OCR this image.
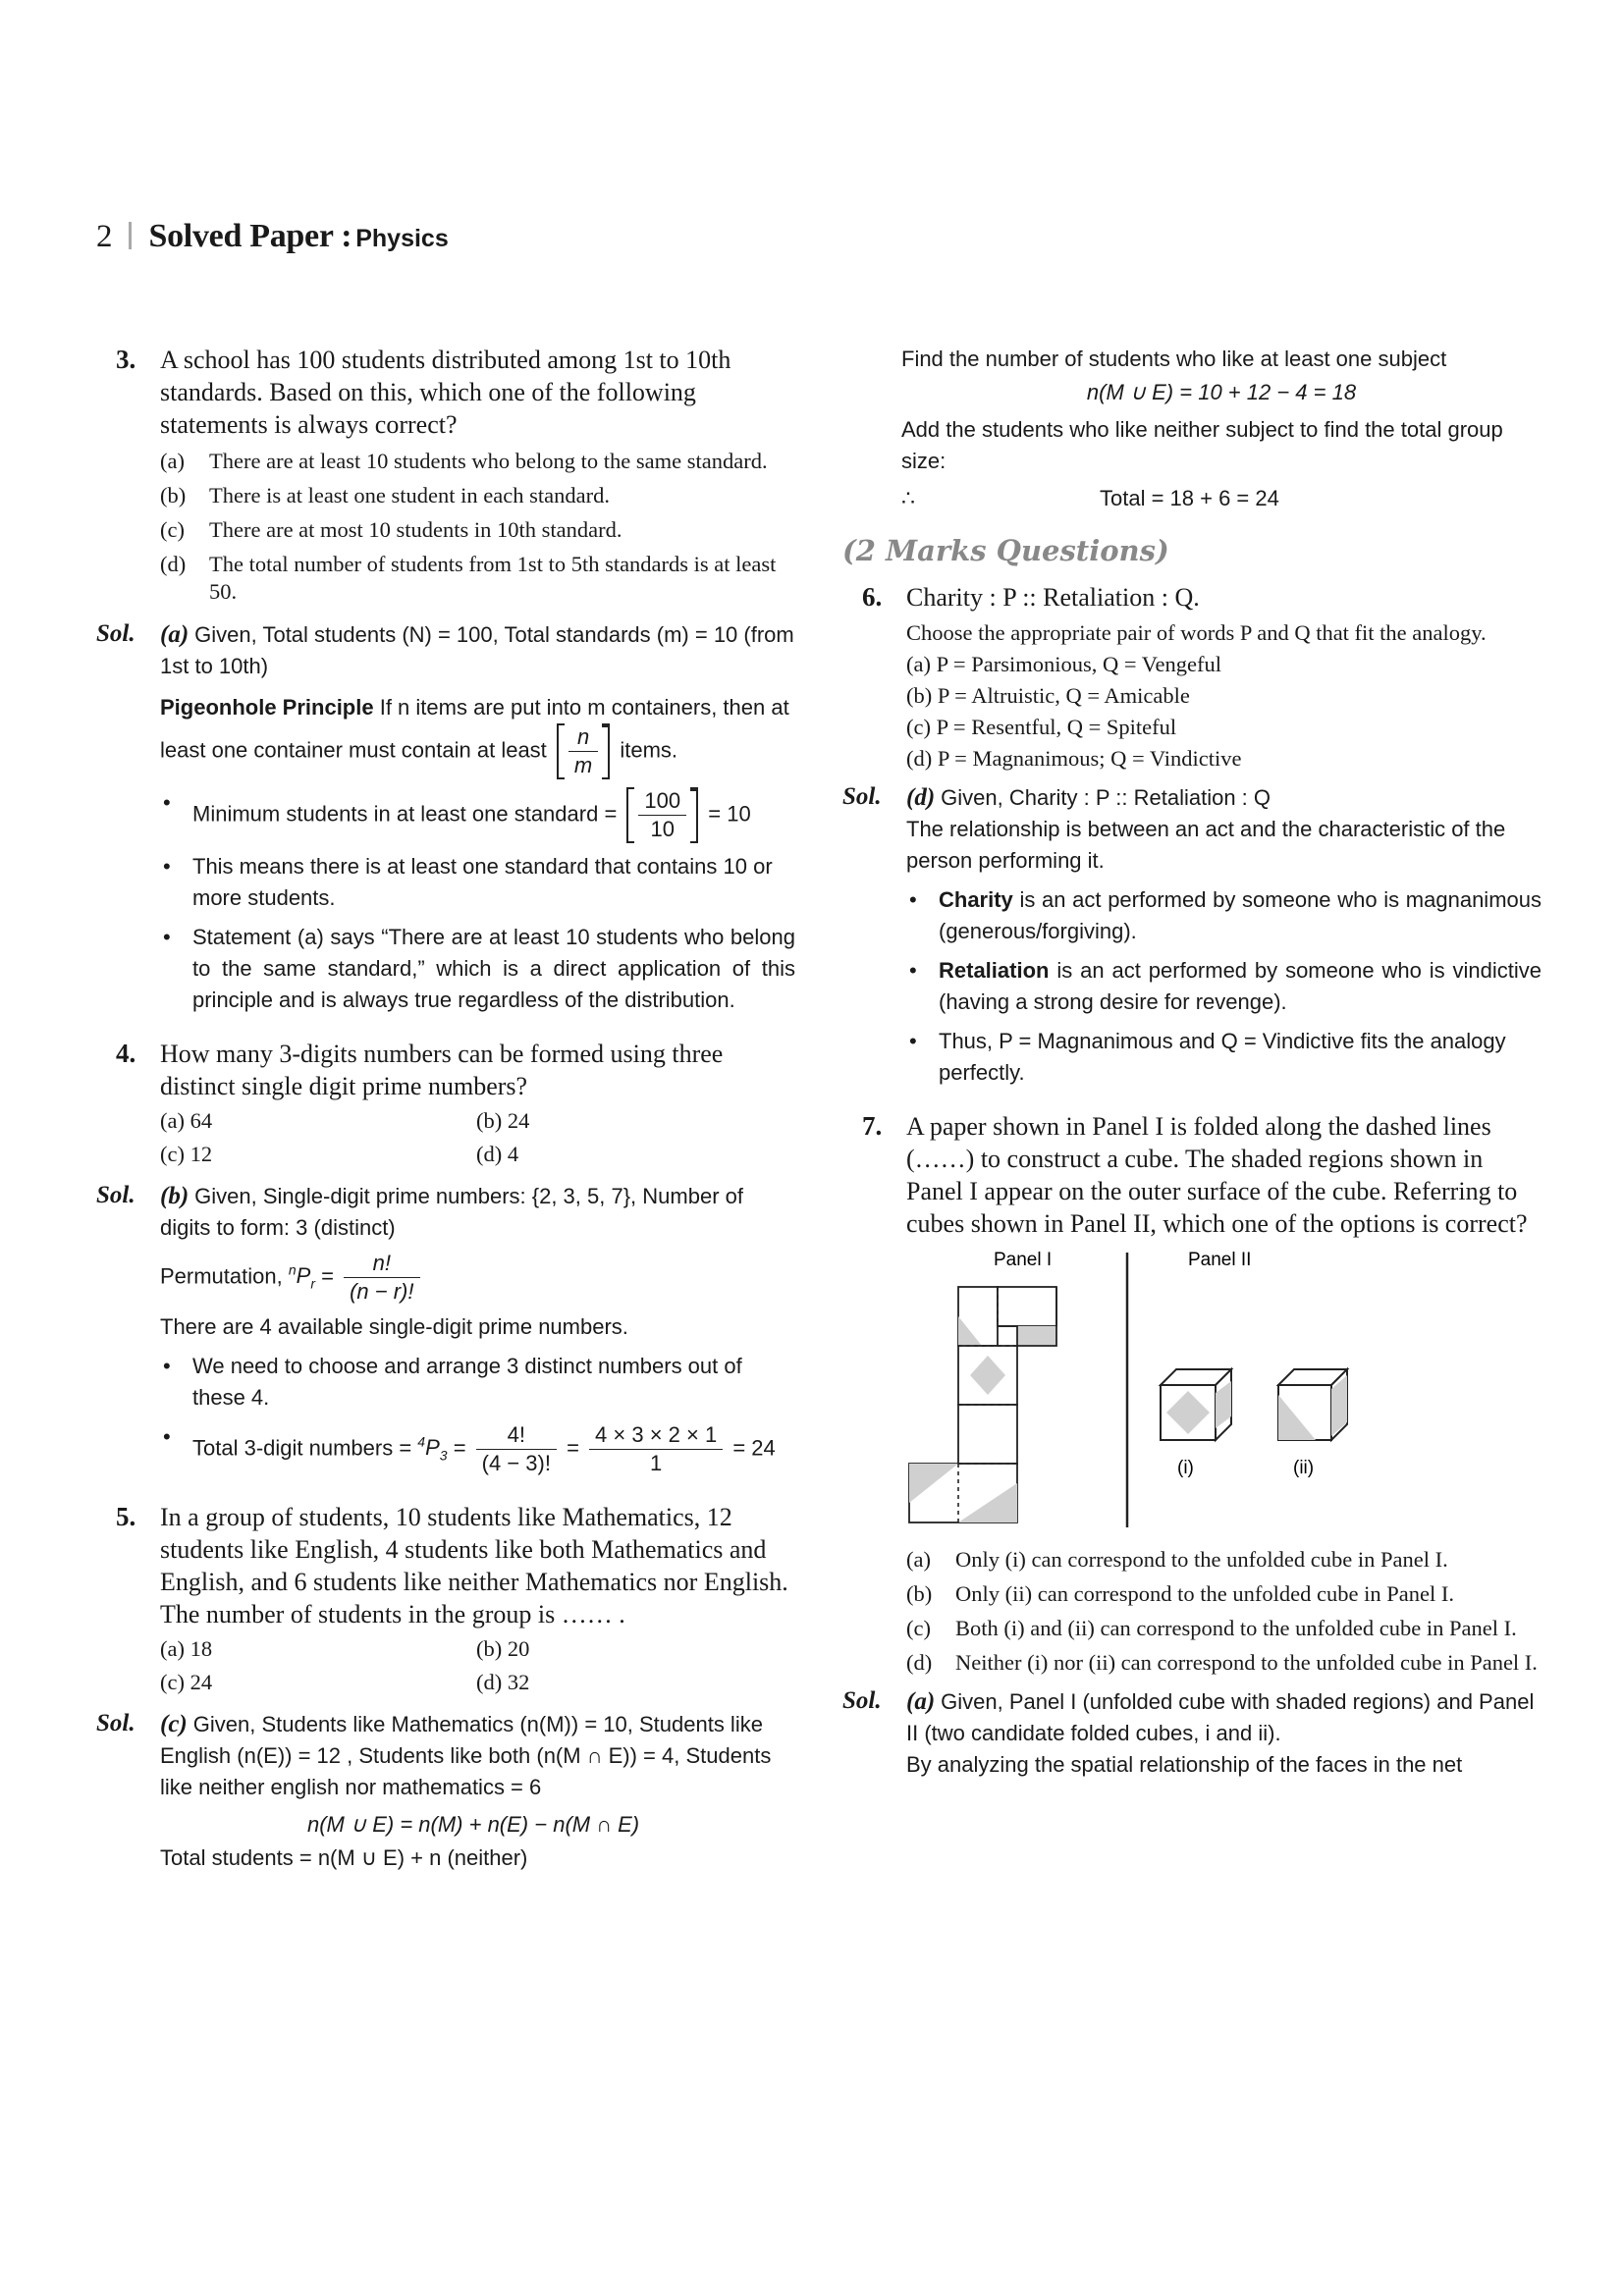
2 Solved Paper : Physics
3. A school has 100 students distributed among 1st to 10th standards. Based on this, which one of the following statements is always correct?
(a) There are at least 10 students who belong to the same standard.
(b) There is at least one student in each standard.
(c) There are at most 10 students in 10th standard.
(d) The total number of students from 1st to 5th standards is at least 50.
Sol. (a) Given, Total students (N) = 100, Total standards (m) = 10 (from 1st to 10th)
Pigeonhole Principle If n items are put into m containers, then at least one container must contain at least $\frac{n}{m}$ items.
• Minimum students in at least one standard = $\frac{100}{10} = 10$
• This means there is at least one standard that contains 10 or more students.
• Statement (a) says “There are at least 10 students who belong to the same standard,” which is a direct application of this principle and is always true regardless of the distribution.
4. How many 3-digits numbers can be formed using three distinct single digit prime numbers?
(a) 64	(b) 24
(c) 12	(d) 4
Sol. (b) Given, Single-digit prime numbers: {2, 3, 5, 7}, Number of digits to form: 3 (distinct)
Permutation, $^nP_r = \frac{n!}{(n - r)!}$
There are 4 available single-digit prime numbers.
• We need to choose and arrange 3 distinct numbers out of these 4.
• Total 3-digit numbers = $^4P_3 = \frac{4!}{(4 - 3)!} = \frac{4 \times 3 \times 2 \times 1}{1} = 24$
5. In a group of students, 10 students like Mathematics, 12 students like English, 4 students like both Mathematics and English, and 6 students like neither Mathematics nor English. The number of students in the group is …… .
(a) 18	(b) 20
(c) 24	(d) 32
Sol. (c) Given, Students like Mathematics (n(M)) = 10, Students like English (n(E)) = 12 , Students like both (n(M ∩ E)) = 4, Students like neither english nor mathematics = 6
n(M ∪ E) = n(M) + n(E) − n(M ∩ E)
Total students = n(M ∪ E) + n (neither)
Find the number of students who like at least one subject
n(M ∪ E) = 10 + 12 − 4 = 18
Add the students who like neither subject to find the total group size:
∴	Total = 18 + 6 = 24

(2 Marks Questions)
6. Charity : P :: Retaliation : Q.
Choose the appropriate pair of words P and Q that fit the analogy.
(a) P = Parsimonious, Q = Vengeful
(b) P = Altruistic, Q = Amicable
(c) P = Resentful, Q = Spiteful
(d) P = Magnanimous; Q = Vindictive
Sol. (d) Given, Charity : P :: Retaliation : Q
The relationship is between an act and the characteristic of the person performing it.
• Charity is an act performed by someone who is magnanimous (generous/forgiving).
• Retaliation is an act performed by someone who is vindictive (having a strong desire for revenge).
• Thus, P = Magnanimous and Q = Vindictive fits the analogy perfectly.
7. A paper shown in Panel I is folded along the dashed lines (……) to construct a cube. The shaded regions shown in Panel I appear on the outer surface of the cube. Referring to cubes shown in Panel II, which one of the options is correct?
Panel I	Panel II
(i)	(ii)
(a) Only (i) can correspond to the unfolded cube in Panel I.
(b) Only (ii) can correspond to the unfolded cube in Panel I.
(c) Both (i) and (ii) can correspond to the unfolded cube in Panel I.
(d) Neither (i) nor (ii) can correspond to the unfolded cube in Panel I.
Sol. (a) Given, Panel I (unfolded cube with shaded regions) and Panel II (two candidate folded cubes, i and ii).
By analyzing the spatial relationship of the faces in the net
